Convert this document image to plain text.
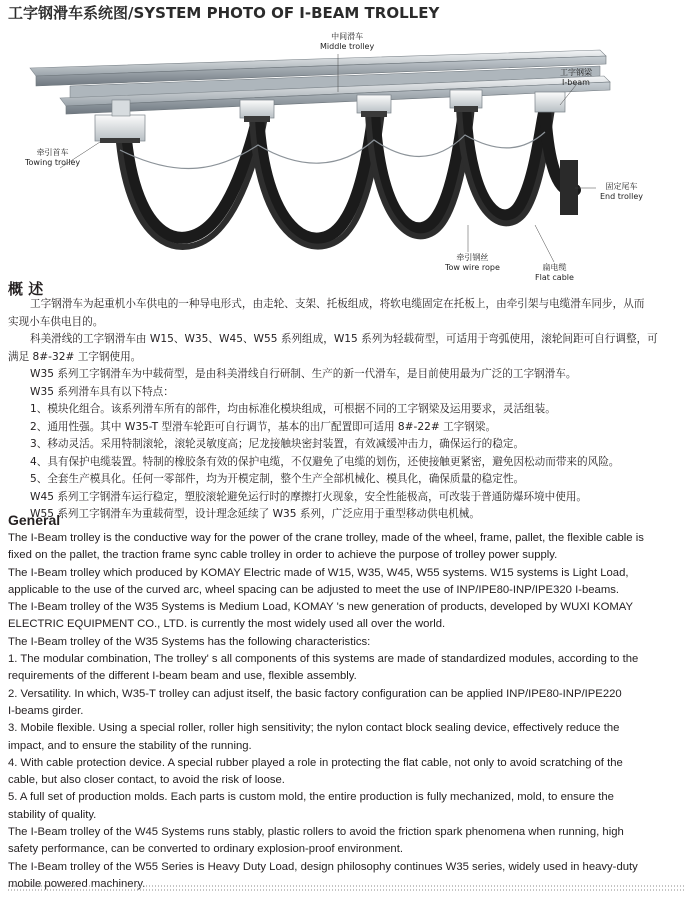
工字钢滑车系统图/SYSTEM PHOTO OF I-BEAM TROLLEY
中间滑车
Middle trolley
工字钢梁
I-beam
牵引首车
Towing trolley
固定尾车
End trolley
牵引钢丝
Tow wire rope	扁电缆
Flat cable
概 述

工字钢滑车为起重机小车供电的一种导电形式，由走轮、支架、托板组成，将软电缆固定在托板上，由牵引架与电缆滑车同步，从而

实现小车供电目的。

科美滑线的工字钢滑车由 W15、W35、W45、W55 系列组成，W15 系列为轻载荷型，可适用于弯弧使用，滚轮间距可自行调整，可

满足 8#-32# 工字钢使用。

W35 系列工字钢滑车为中载荷型，是由科美滑线自行研制、生产的新一代滑车，是目前使用最为广泛的工字钢滑车。

W35 系列滑车具有以下特点：

1、模块化组合。该系列滑车所有的部件，均由标准化模块组成，可根据不同的工字钢梁及运用要求，灵活组装。

2、通用性强。其中 W35-T 型滑车轮距可自行调节，基本的出厂配置即可适用 8#-22# 工字钢梁。

3、移动灵活。采用特制滚轮，滚轮灵敏度高；尼龙接触块密封装置，有效减缓冲击力，确保运行的稳定。

4、具有保护电缆装置。特制的橡胶条有效的保护电缆，不仅避免了电缆的划伤，还使接触更紧密，避免因松动而带来的风险。

5、全套生产模具化。任何一零部件，均为开模定制，整个生产全部机械化、模具化，确保质量的稳定性。

W45 系列工字钢滑车运行稳定，塑胶滚轮避免运行时的摩擦打火现象，安全性能极高，可改装于普通防爆环境中使用。

W55 系列工字钢滑车为重载荷型，设计理念延续了 W35 系列，广泛应用于重型移动供电机械。

General

The I-Beam trolley is the conductive way for the power of the crane trolley, made of the wheel, frame, pallet, the flexible cable is

fixed on the pallet, the traction frame sync cable trolley in order to achieve the purpose of trolley power supply.

The I-Beam trolley which produced by KOMAY Electric made of W15, W35, W45, W55 systems. W15 systems is Light Load,

applicable to the use of the curved arc, wheel spacing can be adjusted to meet the use of INP/IPE80-INP/IPE320 I-beams.

The I-Beam trolley of the W35 Systems is Medium Load, KOMAY 's new generation of products, developed by WUXI KOMAY

ELECTRIC EQUIPMENT CO., LTD. is currently the most widely used all over the world.

The I-Beam trolley of the W35 Systems has the following characteristics:

1. The modular combination, The trolley' s all components of this systems are made of standardized modules, according to the

requirements of the different I-beam beam and use, flexible assembly.

2. Versatility. In which, W35-T trolley can adjust itself, the basic factory configuration can be applied INP/IPE80-INP/IPE220

I-beams girder.

3. Mobile flexible. Using a special roller, roller high sensitivity; the nylon contact block sealing device, effectively reduce the

impact, and to ensure the stability of the running.

4. With cable protection device. A special rubber played a role in protecting the flat cable, not only to avoid scratching of the

cable, but also closer contact, to avoid the risk of loose.

5. A full set of production molds. Each parts is custom mold, the entire production is fully mechanized, mold, to ensure the

stability of quality.

The I-Beam trolley of the W45 Systems runs stably, plastic rollers to avoid the friction spark phenomena when running, high

safety performance, can be converted to ordinary explosion-proof environment.

The I-Beam trolley of the W55 Series is Heavy Duty Load, design philosophy continues W35 series, widely used in heavy-duty

mobile powered machinery.
